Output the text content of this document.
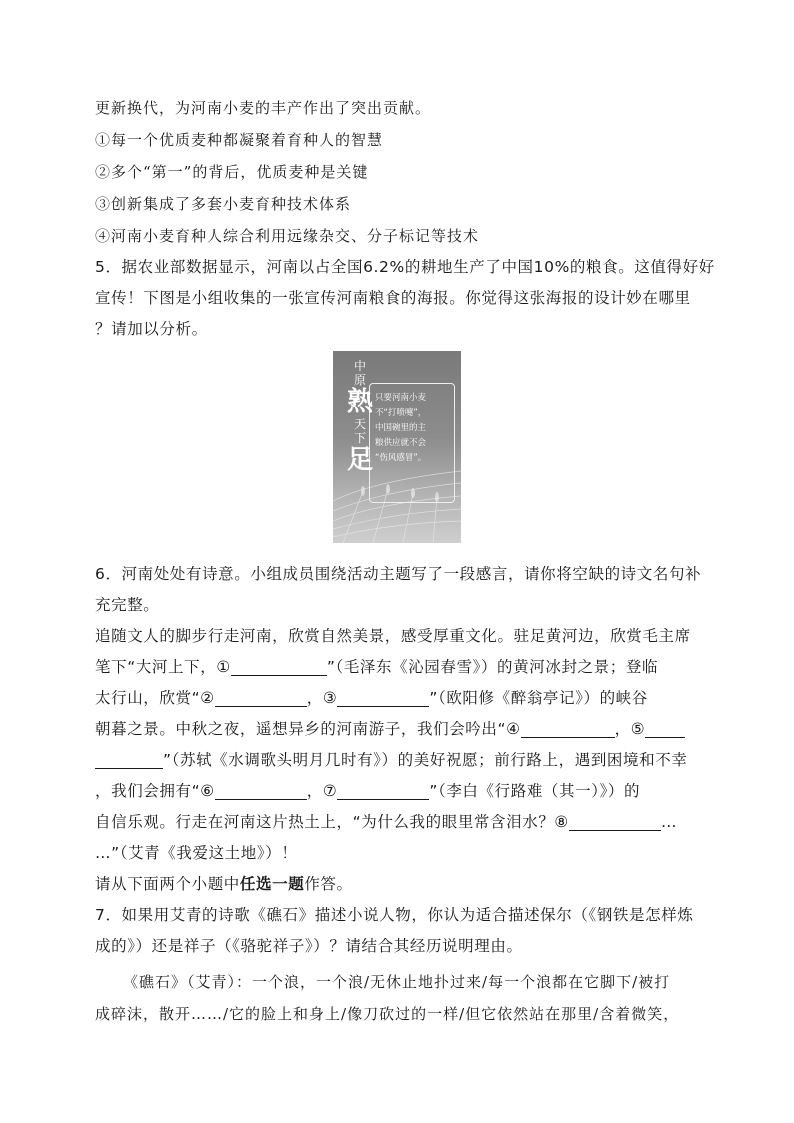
更新换代，为河南小麦的丰产作出了突出贡献。
①每一个优质麦种都凝聚着育种人的智慧
②多个“第一”的背后，优质麦种是关键
③创新集成了多套小麦育种技术体系
④河南小麦育种人综合利用远缘杂交、分子标记等技术
5．据农业部数据显示，河南以占全国6.2%的耕地生产了中国10%的粮食。这值得好好
宣传！下图是小组收集的一张宣传河南粮食的海报。你觉得这张海报的设计妙在哪里
？请加以分析。
中
原
熟
天
下
足
只要河南小麦
不“打喷嚏”，
中国碗里的主
粮供应就不会
“伤风感冒”。
6．河南处处有诗意。小组成员围绕活动主题写了一段感言，请你将空缺的诗文名句补
充完整。
追随文人的脚步行走河南，欣赏自然美景，感受厚重文化。驻足黄河边，欣赏毛主席
笔下“大河上下，①	”（毛泽东《沁园春雪》）的黄河冰封之景；登临
太行山，欣赏“②	，③	”（欧阳修《醉翁亭记》）的峡谷
朝暮之景。中秋之夜，遥想异乡的河南游子，我们会吟出“④	，⑤
”（苏轼《水调歌头明月几时有》）的美好祝愿；前行路上，遇到困境和不幸
，我们会拥有“⑥	，⑦	”（李白《行路难（其一）》）的
自信乐观。行走在河南这片热土上，“为什么我的眼里常含泪水？⑧	…
…”（艾青《我爱这土地》）！
请从下面两个小题中任选一题作答。
7．如果用艾青的诗歌《礁石》描述小说人物，你认为适合描述保尔（《钢铁是怎样炼
成的》）还是祥子（《骆驼祥子》）？请结合其经历说明理由。
《礁石》（艾青）：一个浪，一个浪/无休止地扑过来/每一个浪都在它脚下/被打
成碎沫，散开……/它的脸上和身上/像刀砍过的一样/但它依然站在那里/含着微笑，
